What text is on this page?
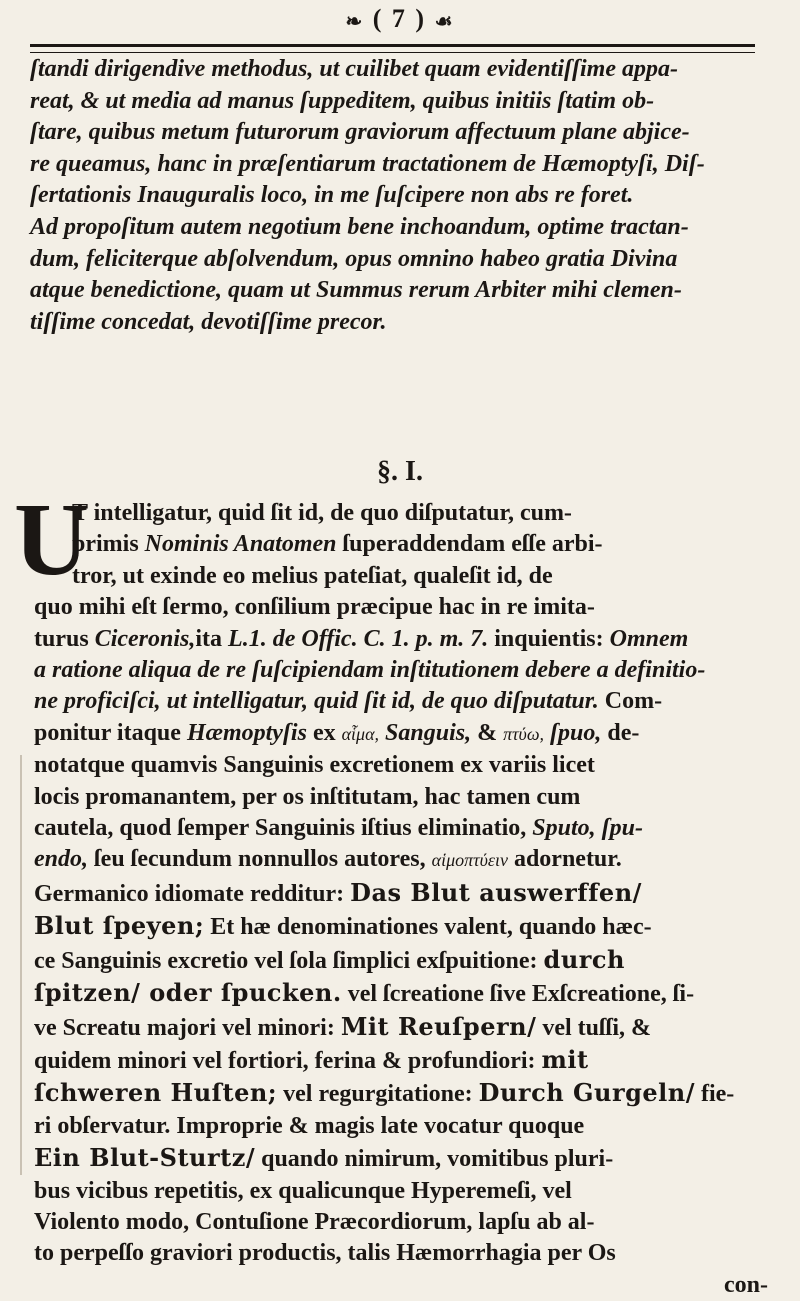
❧ ( 7 ) ☙
ſtandi dirigendive methodus, ut cuilibet quam evidentiſſime appa-
reat, & ut media ad manus ſuppeditem, quibus initiis ſtatim ob-
ſtare, quibus metum futurorum graviorum affectuum plane abjice-
re queamus, hanc in præſentiarum tractationem de Hæmoptyſi, Diſ-
ſertationis Inauguralis loco, in me ſuſcipere non abs re foret.
Ad propoſitum autem negotium bene inchoandum, optime tractan-
dum, feliciterque abſolvendum, opus omnino habeo gratia Divina
atque benedictione, quam ut Summus rerum Arbiter mihi clemen-
tiſſime concedat, devotiſſime precor.
§. I.
U
T intelligatur, quid ſit id, de quo diſputatur, cum-
primis Nominis Anatomen ſuperaddendam eſſe arbi-
tror, ut exinde eo melius pateſiat, qualeſit id, de
quo mihi eſt ſermo, conſilium præcipue hac in re imita-
turus Ciceronis,ita L.1. de Offic. C. 1. p. m. 7. inquientis: Omnem
a ratione aliqua de re ſuſcipiendam inſtitutionem debere a definitio-
ne proficiſci, ut intelligatur, quid ſit id, de quo diſputatur. Com-
ponitur itaque Hæmoptyſis ex αἷμα, Sanguis, & πτύω, ſpuo, de-
notatque quamvis Sanguinis excretionem ex variis licet
locis promanantem, per os inſtitutam, hac tamen cum
cautela, quod ſemper Sanguinis iſtius eliminatio, Sputo, ſpu-
endo, ſeu ſecundum nonnullos autores, αἱμοπτύειν adornetur.
Germanico idiomate redditur: Das Blut auswerffen/
Blut ſpeyen; Et hæ denominationes valent, quando hæc-
ce Sanguinis excretio vel ſola ſimplici exſpuitione: durch
ſpitzen/ oder ſpucken. vel ſcreatione ſive Exſcreatione, ſi-
ve Screatu majori vel minori: Mit Reuſpern/ vel tuſſi, &
quidem minori vel fortiori, ferina & profundiori: mit
ſchweren Huſten; vel regurgitatione: Durch Gurgeln/ fie-
ri obſervatur. Improprie & magis late vocatur quoque
Ein Blut-Sturtz/ quando nimirum, vomitibus pluri-
bus vicibus repetitis, ex qualicunque Hyperemeſi, vel
Violento modo, Contuſione Præcordiorum, lapſu ab al-
to perpeſſo graviori productis, talis Hæmorrhagia per Os
con-
